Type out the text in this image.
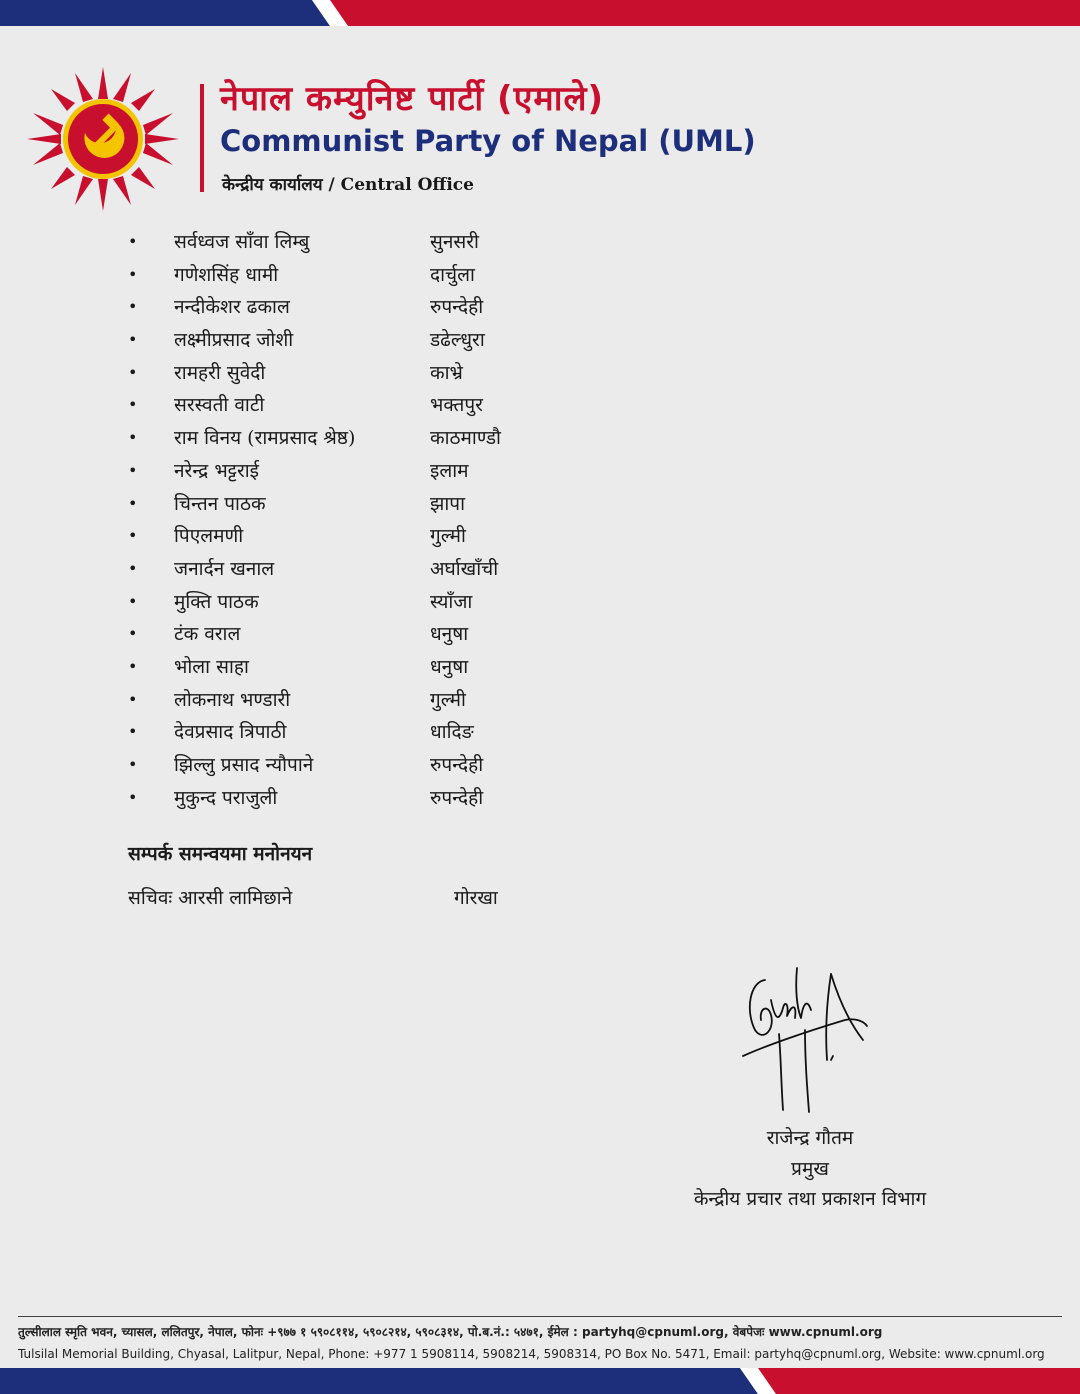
नेपाल कम्युनिष्ट पार्टी (एमाले)
Communist Party of Nepal (UML)
केन्द्रीय कार्यालय / Central Office
•	सर्वध्वज साँवा लिम्बु	सुनसरी
•	गणेशसिंह धामी	दार्चुला
•	नन्दीकेशर ढकाल	रुपन्देही
•	लक्ष्मीप्रसाद जोशी	डढेल्धुरा
•	रामहरी सुवेदी	काभ्रे
•	सरस्वती वाटी	भक्तपुर
•	राम विनय (रामप्रसाद श्रेष्ठ)	काठमाण्डौ
•	नरेन्द्र भट्टराई	इलाम
•	चिन्तन पाठक	झापा
•	पिएलमणी	गुल्मी
•	जनार्दन खनाल	अर्घाखाँची
•	मुक्ति पाठक	स्याँजा
•	टंक वराल	धनुषा
•	भोला साहा	धनुषा
•	लोकनाथ भण्डारी	गुल्मी
•	देवप्रसाद त्रिपाठी	धादिङ
•	झिल्लु प्रसाद न्यौपाने	रुपन्देही
•	मुकुन्द पराजुली	रुपन्देही
सम्पर्क समन्वयमा मनोनयन
सचिवः आरसी लामिछाने	गोरखा
राजेन्द्र गौतम
प्रमुख
केन्द्रीय प्रचार तथा प्रकाशन विभाग
तुल्सीलाल स्मृति भवन, च्यासल, ललितपुर, नेपाल, फोनः +९७७ १ ५९०८११४, ५९०८२१४, ५९०८३१४, पो.ब.नं.: ५४७१, ईमेल : partyhq@cpnuml.org, वेबपेजः www.cpnuml.org
Tulsilal Memorial Building, Chyasal, Lalitpur, Nepal, Phone: +977 1 5908114, 5908214, 5908314, PO Box No. 5471, Email: partyhq@cpnuml.org, Website: www.cpnuml.org
